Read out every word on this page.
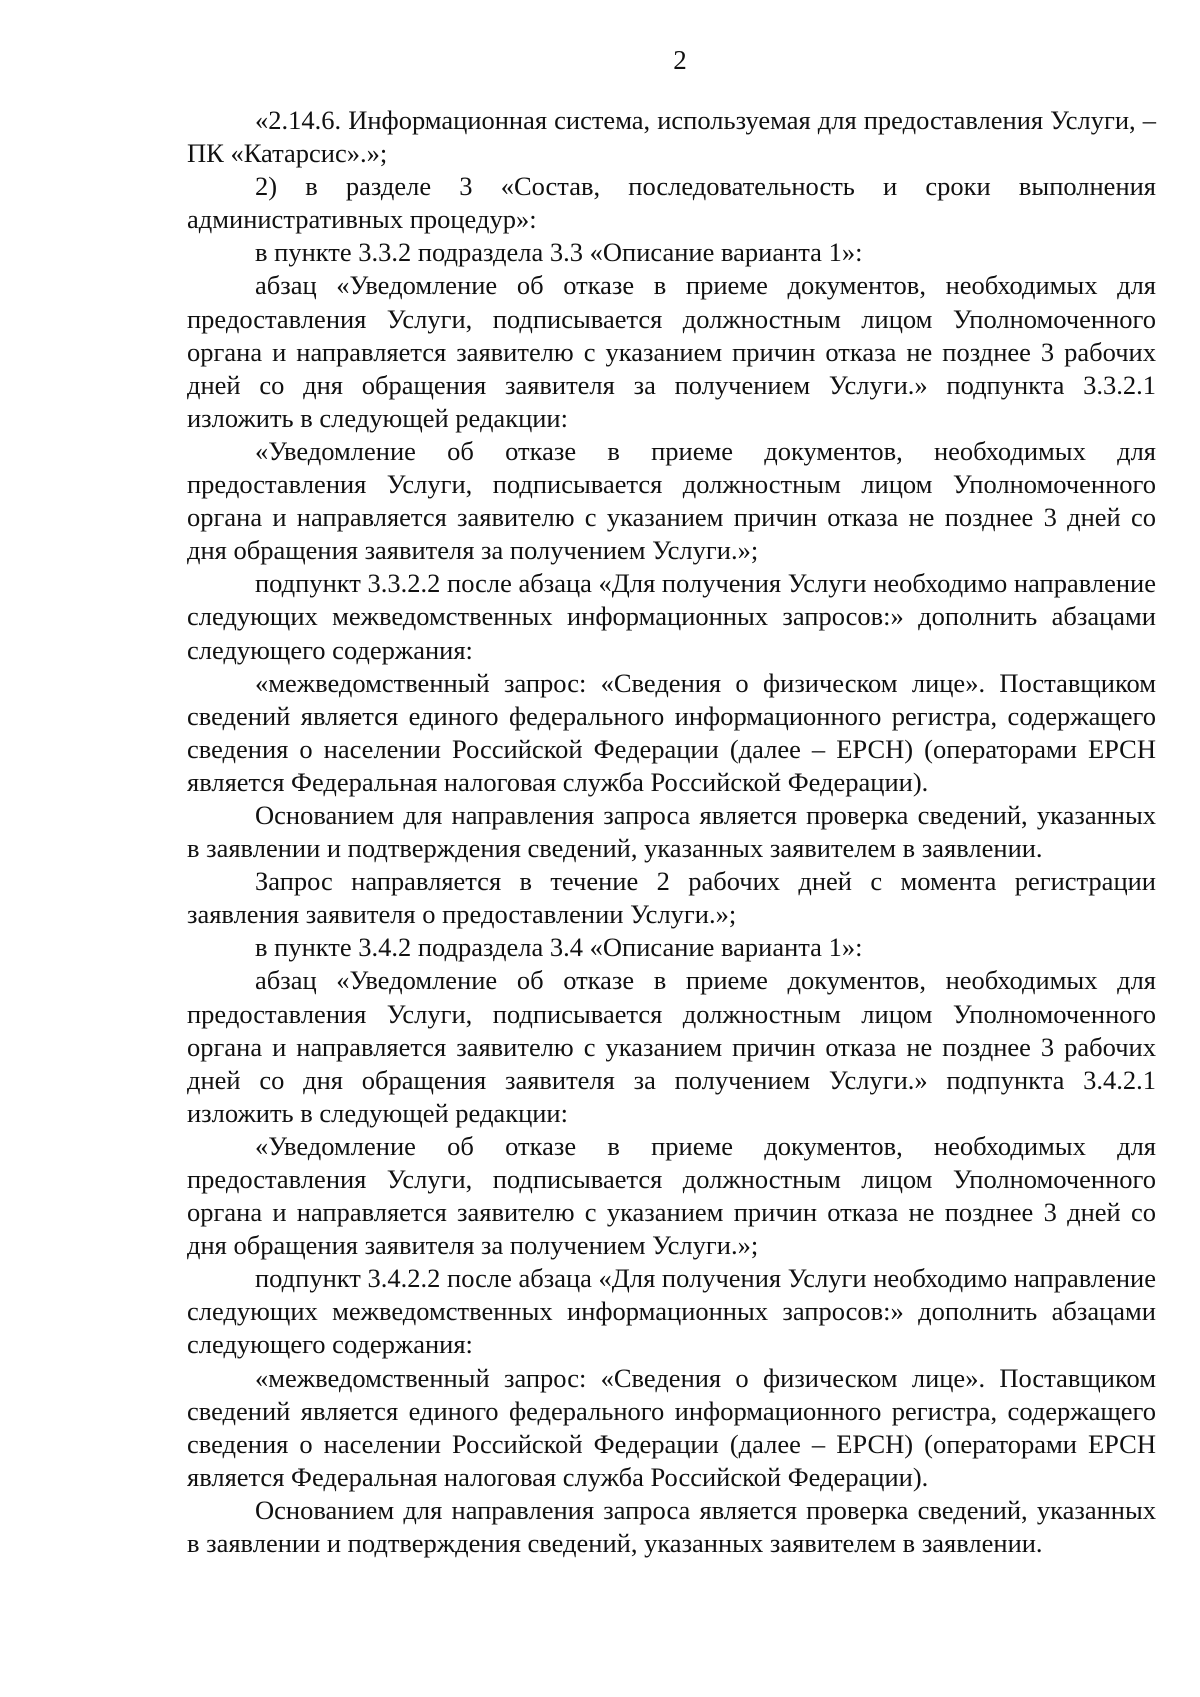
2

«2.14.6. Информационная система, используемая для предоставления Услуги, – ПК «Катарсис».»;

2) в разделе 3 «Состав, последовательность и сроки выполнения административных процедур»:

в пункте 3.3.2 подраздела 3.3 «Описание варианта 1»:

абзац «Уведомление об отказе в приеме документов, необходимых для предоставления Услуги, подписывается должностным лицом Уполномоченного органа и направляется заявителю с указанием причин отказа не позднее 3 рабочих дней со дня обращения заявителя за получением Услуги.» подпункта 3.3.2.1 изложить в следующей редакции:

«Уведомление об отказе в приеме документов, необходимых для предоставления Услуги, подписывается должностным лицом Уполномоченного органа и направляется заявителю с указанием причин отказа не позднее 3 дней со дня обращения заявителя за получением Услуги.»;

подпункт 3.3.2.2 после абзаца «Для получения Услуги необходимо направление следующих межведомственных информационных запросов:» дополнить абзацами следующего содержания:

«межведомственный запрос: «Сведения о физическом лице». Поставщиком сведений является единого федерального информационного регистра, содержащего сведения о населении Российской Федерации (далее – ЕРСН) (операторами ЕРСН является Федеральная налоговая служба Российской Федерации).

Основанием для направления запроса является проверка сведений, указанных в заявлении и подтверждения сведений, указанных заявителем в заявлении.

Запрос направляется в течение 2 рабочих дней с момента регистрации заявления заявителя о предоставлении Услуги.»;

в пункте 3.4.2 подраздела 3.4 «Описание варианта 1»:

абзац «Уведомление об отказе в приеме документов, необходимых для предоставления Услуги, подписывается должностным лицом Уполномоченного органа и направляется заявителю с указанием причин отказа не позднее 3 рабочих дней со дня обращения заявителя за получением Услуги.» подпункта 3.4.2.1 изложить в следующей редакции:

«Уведомление об отказе в приеме документов, необходимых для предоставления Услуги, подписывается должностным лицом Уполномоченного органа и направляется заявителю с указанием причин отказа не позднее 3 дней со дня обращения заявителя за получением Услуги.»;

подпункт 3.4.2.2 после абзаца «Для получения Услуги необходимо направление следующих межведомственных информационных запросов:» дополнить абзацами следующего содержания:

«межведомственный запрос: «Сведения о физическом лице». Поставщиком сведений является единого федерального информационного регистра, содержащего сведения о населении Российской Федерации (далее – ЕРСН) (операторами ЕРСН является Федеральная налоговая служба Российской Федерации).

Основанием для направления запроса является проверка сведений, указанных в заявлении и подтверждения сведений, указанных заявителем в заявлении.
